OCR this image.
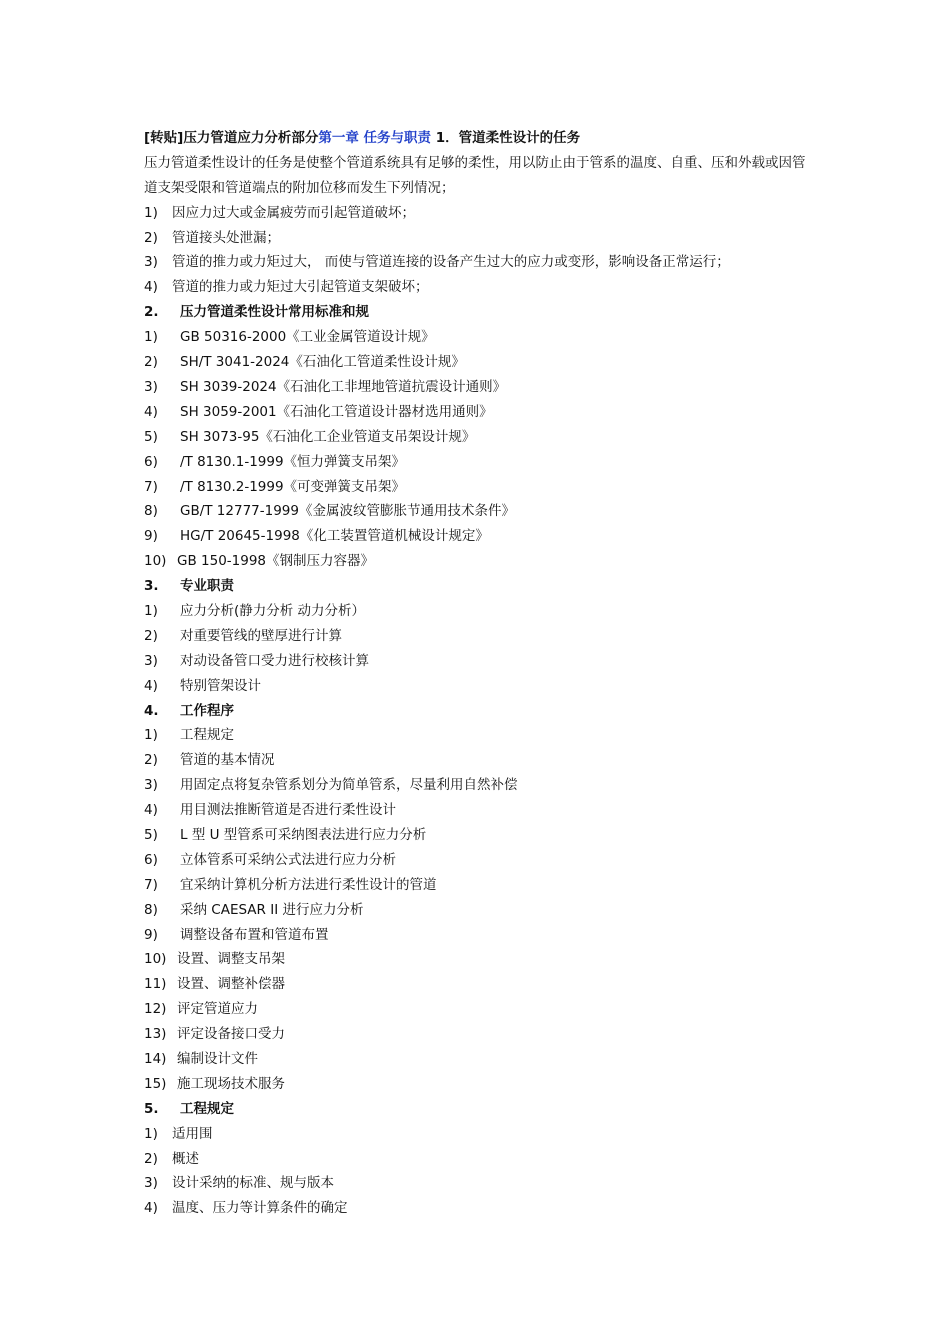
[转贴]压力管道应力分析部分第一章 任务与职责 1．管道柔性设计的任务
压力管道柔性设计的任务是使整个管道系统具有足够的柔性，用以防止由于管系的温度、自重、压和外载或因管道支架受限和管道端点的附加位移而发生下列情况；
1)	因应力过大或金属疲劳而引起管道破坏；
2)	管道接头处泄漏；
3)	管道的推力或力矩过大， 而使与管道连接的设备产生过大的应力或变形，影响设备正常运行；
4)	管道的推力或力矩过大引起管道支架破坏；
2.	压力管道柔性设计常用标准和规
1)	GB 50316-2000《工业金属管道设计规》
2)	SH/T 3041-2024《石油化工管道柔性设计规》
3)	SH 3039-2024《石油化工非埋地管道抗震设计通则》
4)	SH 3059-2001《石油化工管道设计器材选用通则》
5)	SH 3073-95《石油化工企业管道支吊架设计规》
6)	/T 8130.1-1999《恒力弹簧支吊架》
7)	/T 8130.2-1999《可变弹簧支吊架》
8)	GB/T 12777-1999《金属波纹管膨胀节通用技术条件》
9)	HG/T 20645-1998《化工装置管道机械设计规定》
10) GB 150-1998《钢制压力容器》
3.	专业职责
1)	应力分析(静力分析 动力分析）
2)	对重要管线的壁厚进行计算
3)	对动设备管口受力进行校核计算
4)	特别管架设计
4.	工作程序
1)	工程规定
2)	管道的基本情况
3)	用固定点将复杂管系划分为简单管系，尽量利用自然补偿
4)	用目测法推断管道是否进行柔性设计
5)	L 型 U 型管系可采纳图表法进行应力分析
6)	立体管系可采纳公式法进行应力分析
7)	宜采纳计算机分析方法进行柔性设计的管道
8)	采纳 CAESAR II 进行应力分析
9)	调整设备布置和管道布置
10) 设置、调整支吊架
11) 设置、调整补偿器
12) 评定管道应力
13) 评定设备接口受力
14) 编制设计文件
15) 施工现场技术服务
5.	工程规定
1)	适用围
2)	概述
3)	设计采纳的标准、规与版本
4)	温度、压力等计算条件的确定
